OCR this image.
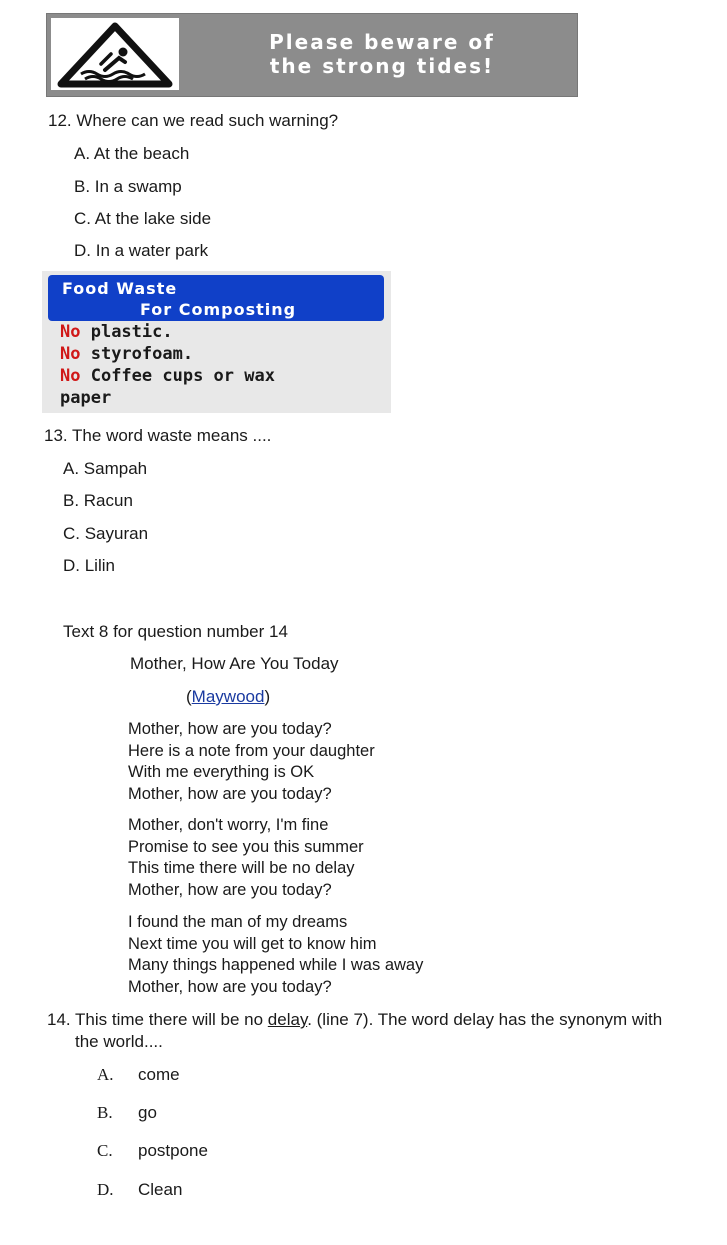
Please beware of
the strong tides!
12. Where can we read such warning?
A. At the beach
B. In a swamp
C. At the lake side
D. In a water park
Food Waste
For Composting
No plastic.
No styrofoam.
No Coffee cups or wax
paper
13. The word waste means ....
A. Sampah
B. Racun
C. Sayuran
D. Lilin
Text 8 for question number 14
Mother, How Are You Today
(Maywood)
Mother, how are you today?
Here is a note from your daughter
With me everything is OK
Mother, how are you today?
Mother, don't worry, I'm fine
Promise to see you this summer
This time there will be no delay
Mother, how are you today?
I found the man of my dreams
Next time you will get to know him
Many things happened while I was away
Mother, how are you today?
14. This time there will be no delay. (line 7). The word delay has the synonym with
the world....
A. come
B. go
C. postpone
D. Clean
